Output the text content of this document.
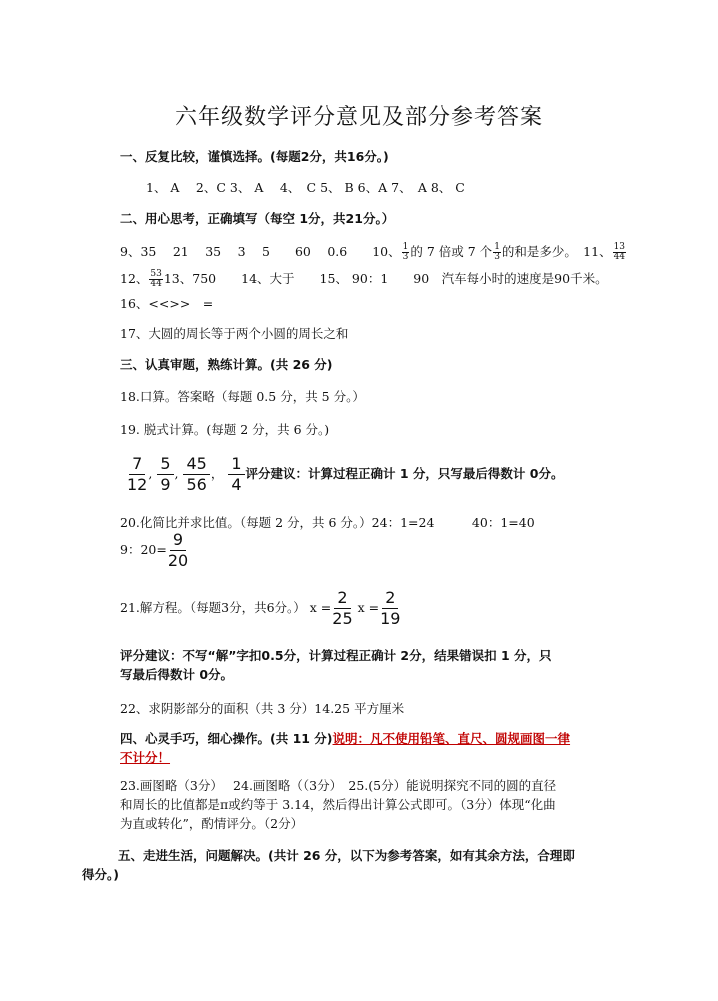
六年级数学评分意见及部分参考答案
一、反复比较，谨慎选择。(每题2分，共16分。)
1、 A　 2、C 3、 A　 4、　C 5、 B 6、A 7、　A 8、 C
二、用心思考，正确填写（每空 1分，共21分。）
9、35　 21　 35　 3　 5　　60　 0.6　　10、 $\frac{1}{3}$ 的 7 倍或 7 个 $\frac{1}{3}$ 的和是多少。　11、 $\frac{13}{44}$
12、 $\frac{53}{44} 13$、750　　14、大于　　15、 90：1　　90　汽车每小时的速度是90千米。
16、<<>>　=
17、大圆的周长等于两个小圆的周长之和
三、认真审题，熟练计算。(共 26 分)
18.口算。答案略（每题 0.5 分，共 5 分。）
19. 脱式计算。(每题 2 分，共 6 分。)
$\frac{7}{12}$ , $\frac{5}{9}$ , $\frac{45}{56}$ ， $\frac{1}{4}$ 评分建议：计算过程正确计 1 分，只写最后得数计 0分。
20.化简比并求比值。（每题 2 分，共 6 分。）24：1=24　　　40：1=40
9：$20= \frac{9}{20}$
21.解方程。（每题3分，共6分。） $x = \frac{2}{25}$ $x = \frac{2}{19}$
评分建议：不写“解”字扣0.5分，计算过程正确计 2分，结果错误扣 1 分，只
写最后得数计 0分。
22、求阴影部分的面积（共 3 分）14.25 平方厘米
四、心灵手巧，细心操作。(共 11 分)说明：凡不使用铅笔、直尺、圆规画图一律
不计分！
23.画图略（3分）　 24.画图略（（3分）　25.(5分）能说明探究不同的圆的直径
和周长的比值都是π或约等于 3.14，然后得出计算公式即可。（3分）体现“化曲
为直或转化”，酌情评分。（2分）
五、走进生活，问题解决。(共计 26 分，以下为参考答案，如有其余方法，合理即
得分。)
